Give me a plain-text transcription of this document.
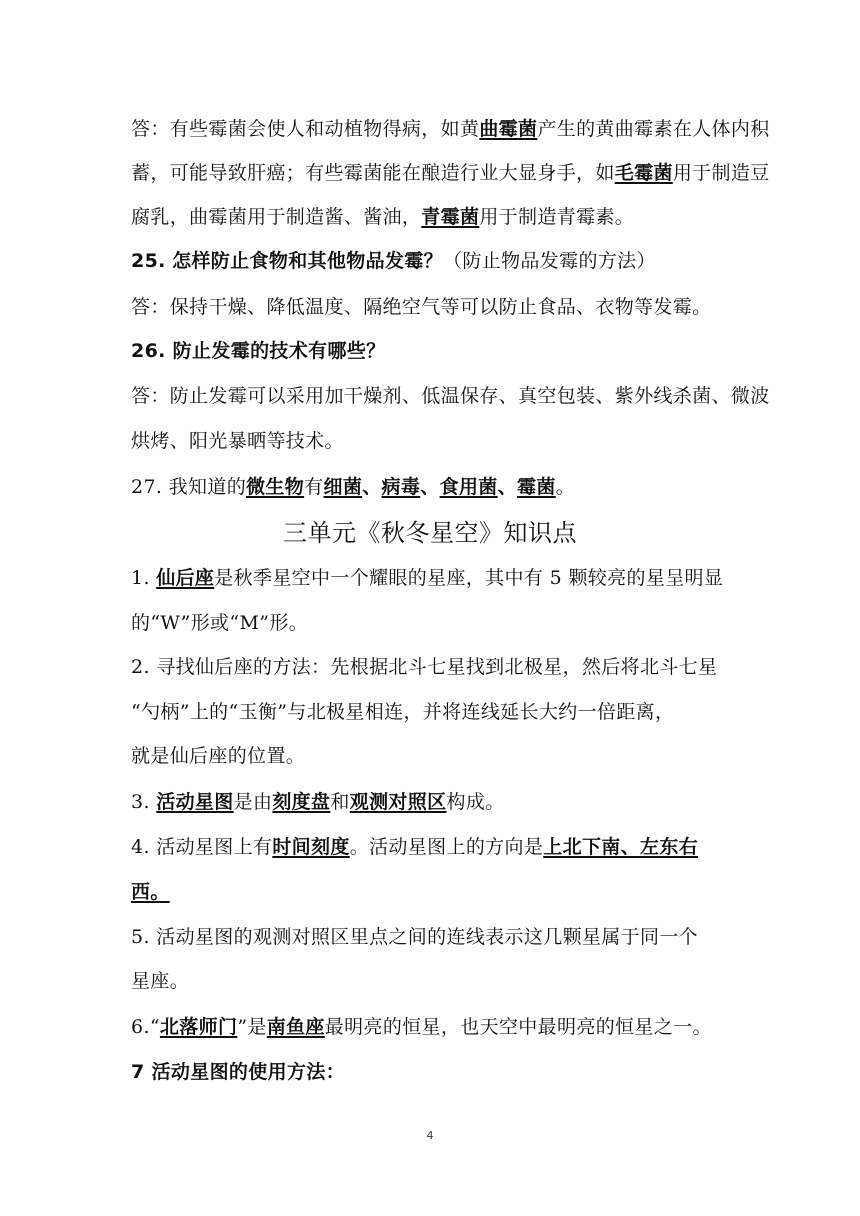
答：有些霉菌会使人和动植物得病，如黄曲霉菌产生的黄曲霉素在人体内积
蓄，可能导致肝癌；有些霉菌能在酿造行业大显身手，如毛霉菌用于制造豆
腐乳，曲霉菌用于制造酱、酱油，青霉菌用于制造青霉素。
25. 怎样防止食物和其他物品发霉？（防止物品发霉的方法）
答：保持干燥、降低温度、隔绝空气等可以防止食品、衣物等发霉。
26. 防止发霉的技术有哪些？
答：防止发霉可以采用加干燥剂、低温保存、真空包装、紫外线杀菌、微波
烘烤、阳光暴晒等技术。
27. 我知道的微生物有细菌、病毒、食用菌、霉菌。
三单元《秋冬星空》知识点
1. 仙后座是秋季星空中一个耀眼的星座，其中有 5 颗较亮的星呈明显
的“W”形或“M”形。
2. 寻找仙后座的方法：先根据北斗七星找到北极星，然后将北斗七星
“勺柄”上的“玉衡”与北极星相连，并将连线延长大约一倍距离，
就是仙后座的位置。
3. 活动星图是由刻度盘和观测对照区构成。
4. 活动星图上有时间刻度。活动星图上的方向是上北下南、左东右
西。
5. 活动星图的观测对照区里点之间的连线表示这几颗星属于同一个
星座。
6.“北落师门”是南鱼座最明亮的恒星，也天空中最明亮的恒星之一。
7 活动星图的使用方法：
4
